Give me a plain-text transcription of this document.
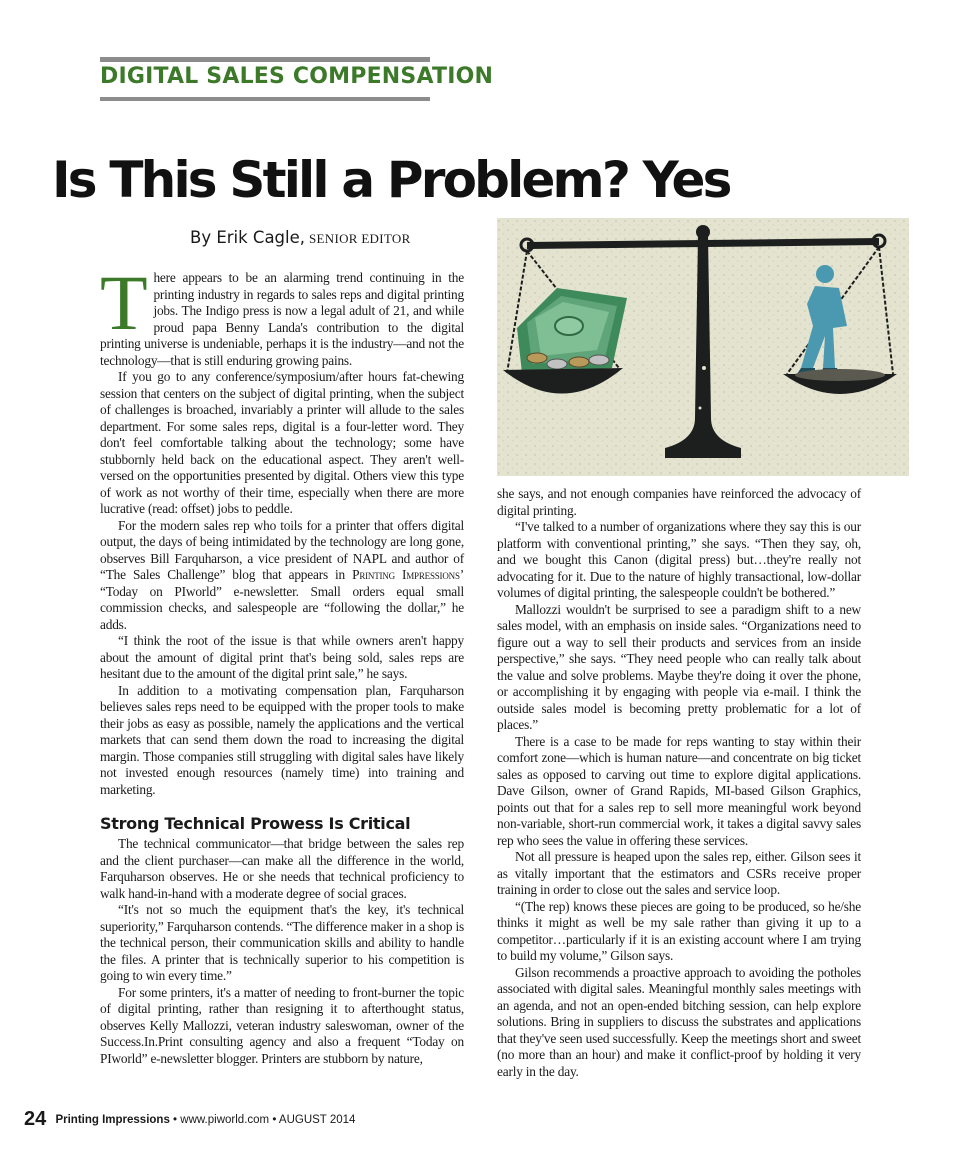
DIGITAL SALES COMPENSATION
Is This Still a Problem? Yes
By Erik Cagle, SENIOR EDITOR

There appears to be an alarming trend continuing in the printing industry in regards to sales reps and digital printing jobs. The Indigo press is now a legal adult of 21, and while proud papa Benny Landa's contribution to the digital printing universe is undeniable, perhaps it is the industry—and not the technology—that is still enduring growing pains.

If you go to any conference/symposium/after hours fat-chewing session that centers on the subject of digital printing, when the subject of challenges is broached, invariably a printer will allude to the sales department. For some sales reps, digital is a four-letter word. They don't feel comfortable talking about the technology; some have stubbornly held back on the educational aspect. They aren't well-versed on the opportunities presented by digital. Others view this type of work as not worthy of their time, especially when there are more lucrative (read: offset) jobs to peddle.

For the modern sales rep who toils for a printer that offers digital output, the days of being intimidated by the technology are long gone, observes Bill Farquharson, a vice president of NAPL and author of “The Sales Challenge” blog that appears in Printing Impressions’ “Today on PIworld” e-newsletter. Small orders equal small commission checks, and salespeople are “following the dollar,” he adds.

“I think the root of the issue is that while owners aren't happy about the amount of digital print that's being sold, sales reps are hesitant due to the amount of the digital print sale,” he says.

In addition to a motivating compensation plan, Farquharson believes sales reps need to be equipped with the proper tools to make their jobs as easy as possible, namely the applications and the vertical markets that can send them down the road to increasing the digital margin. Those companies still struggling with digital sales have likely not invested enough resources (namely time) into training and marketing.

Strong Technical Prowess Is Critical

The technical communicator—that bridge between the sales rep and the client purchaser—can make all the difference in the world, Farquharson observes. He or she needs that technical proficiency to walk hand-in-hand with a moderate degree of social graces.

“It's not so much the equipment that's the key, it's technical superiority,” Farquharson contends. “The difference maker in a shop is the technical person, their communication skills and ability to handle the files. A printer that is technically superior to his competition is going to win every time.”

For some printers, it's a matter of needing to front-burner the topic of digital printing, rather than resigning it to afterthought status, observes Kelly Mallozzi, veteran industry saleswoman, owner of the Success.In.Print consulting agency and also a frequent “Today on PIworld” e-newsletter blogger. Printers are stubborn by nature,

she says, and not enough companies have reinforced the advocacy of digital printing.

“I've talked to a number of organizations where they say this is our platform with conventional printing,” she says. “Then they say, oh, and we bought this Canon (digital press) but…they're really not advocating for it. Due to the nature of highly transactional, low-dollar volumes of digital printing, the salespeople couldn't be bothered.”

Mallozzi wouldn't be surprised to see a paradigm shift to a new sales model, with an emphasis on inside sales. “Organizations need to figure out a way to sell their products and services from an inside perspective,” she says. “They need people who can really talk about the value and solve problems. Maybe they're doing it over the phone, or accomplishing it by engaging with people via e-mail. I think the outside sales model is becoming pretty problematic for a lot of places.”

There is a case to be made for reps wanting to stay within their comfort zone—which is human nature—and concentrate on big ticket sales as opposed to carving out time to explore digital applications. Dave Gilson, owner of Grand Rapids, MI-based Gilson Graphics, points out that for a sales rep to sell more meaningful work beyond non-variable, short-run commercial work, it takes a digital savvy sales rep who sees the value in offering these services.

Not all pressure is heaped upon the sales rep, either. Gilson sees it as vitally important that the estimators and CSRs receive proper training in order to close out the sales and service loop.

“(The rep) knows these pieces are going to be produced, so he/she thinks it might as well be my sale rather than giving it up to a competitor…particularly if it is an existing account where I am trying to build my volume,” Gilson says.

Gilson recommends a proactive approach to avoiding the potholes associated with digital sales. Meaningful monthly sales meetings with an agenda, and not an open-ended bitching session, can help explore solutions. Bring in suppliers to discuss the substrates and applications that they've seen used successfully. Keep the meetings short and sweet (no more than an hour) and make it conflict-proof by holding it very early in the day.

24 Printing Impressions • www.piworld.com • AUGUST 2014
